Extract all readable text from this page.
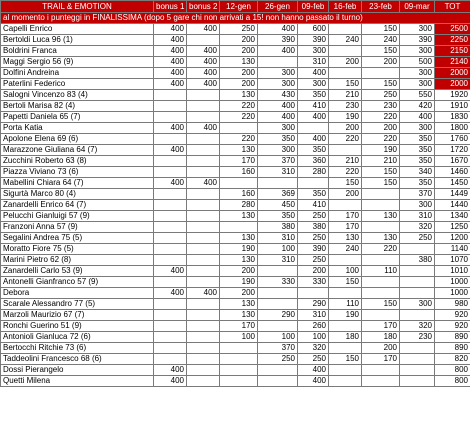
TRAIL & EMOTION	bonus 1	bonus 2	12-gen	26-gen	09-feb	16-feb	23-feb	09-mar	TOT
al momento i punteggi in FINALISSIMA (dopo 5 gare chi non arrivati a 15! non hanno passato il turno)									
Capelli Enrico	400	400	250	400	600		150	300	2500
Bertoldi Luca 96 (1)	400		200	390	390	240	240	390	2250
Boldrini Franca	400	400	200	400	300		150	300	2150
Maggi Sergio 56 (9)	400	400	130		310	200	200	500	2140
Dolfini Andreina	400	400	200	300	400			300	2000
Paterlini Federico	400	400	200	300	300	150	150	300	2000
Salogni Vincenzo 83 (4)			130	430	350	210	250	550	1920
Bertoli Marisa 82 (4)			220	400	410	230	230	420	1910
Papetti Daniela 65 (7)			220	400	400	190	220	400	1830
Porta Katia	400	400		300		200	200	300	1800
Apolone Elena 69 (6)			220	350	400	220	220	350	1760
Marazzone Giuliana 64 (7)	400		130	300	350		190	350	1720
Zucchini Roberto 63 (8)			170	370	360	210	210	350	1670
Piazza Viviano 73 (6)			160	310	280	220	150	340	1460
Mabellini Chiara 64 (7)	400	400				150	150	350	1450
Sigurtà Marco 80 (4)			160	369	350	200		370	1449
Zanardelli Enrico 64 (7)			280	450	410			300	1440
Pelucchi Gianluigi 57 (9)			130	350	250	170	130	310	1340
Franzoni Anna 57 (9)				380	380	170		320	1250
Segalini Andrea 75 (5)			130	310	250	130	130	250	1200
Moratto Fiore 75 (5)			190	100	390	240	220		1140
Marini Pietro 62 (8)			130	310	250			380	1070
Zanardelli Carlo 53 (9)	400		200		200	100	110		1010
Antonelli Gianfranco 57 (9)			190	330	330	150			1000
Debora	400	400	200						1000
Scarale Alessandro 77 (5)			130		290	110	150	300	980
Marzoli Maurizio 67 (7)			130	290	310	190			920
Ronchi Guerino 51 (9)			170		260		170	320	920
Antonioli Gianluca 72 (6)			100	100	100	180	180	230	890
Bertocchi Ritchie 73 (6)				370	320		200		890
Taddeolini Francesco 68 (6)				250	250	150	170		820
Dossi Pierangelo	400				400				800
Quetti Milena	400				400				800
